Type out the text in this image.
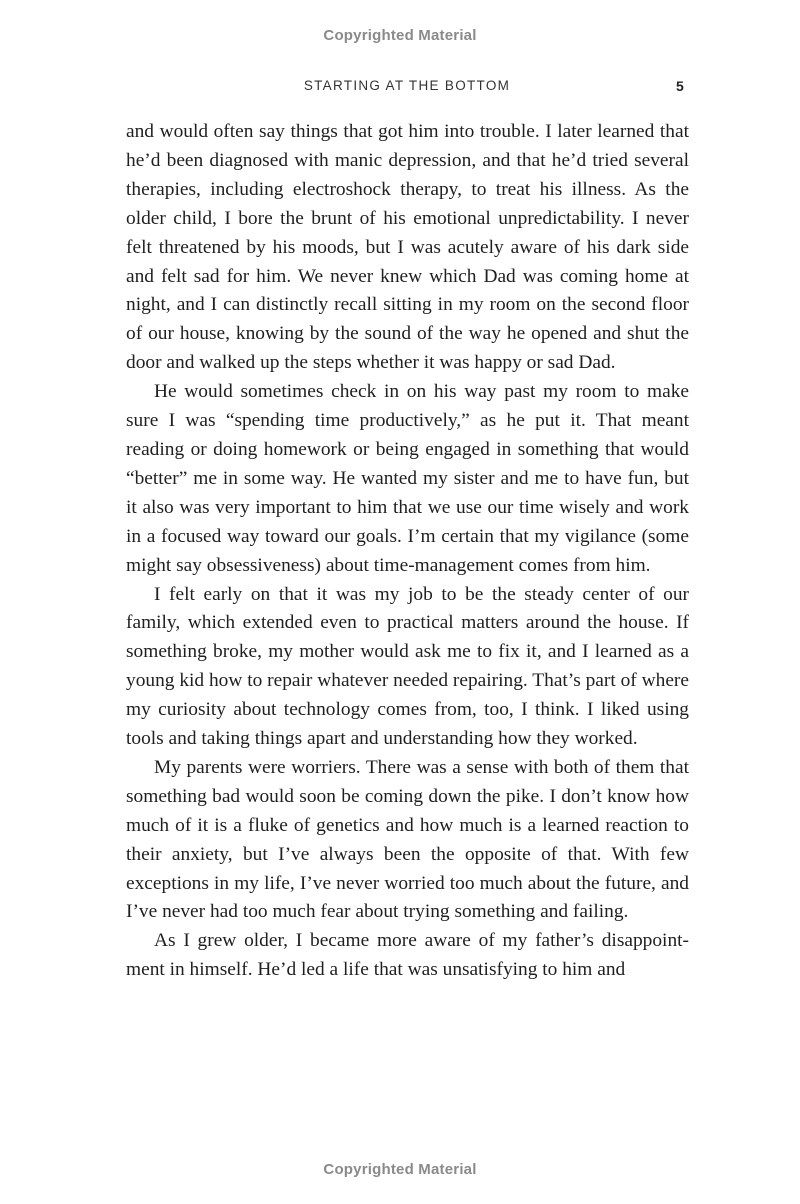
Copyrighted Material
STARTING AT THE BOTTOM	5

and would often say things that got him into trouble. I later learned that he’d been diagnosed with manic depression, and that he’d tried several therapies, including electroshock therapy, to treat his illness. As the older child, I bore the brunt of his emotional unpredictability. I never felt threatened by his moods, but I was acutely aware of his dark side and felt sad for him. We never knew which Dad was coming home at night, and I can distinctly recall sitting in my room on the second floor of our house, knowing by the sound of the way he opened and shut the door and walked up the steps whether it was happy or sad Dad.

He would sometimes check in on his way past my room to make sure I was “spending time productively,” as he put it. That meant reading or doing homework or being engaged in something that would “better” me in some way. He wanted my sister and me to have fun, but it also was very important to him that we use our time wisely and work in a focused way toward our goals. I’m certain that my vigilance (some might say obsessiveness) about time-management comes from him.

I felt early on that it was my job to be the steady center of our family, which extended even to practical matters around the house. If something broke, my mother would ask me to fix it, and I learned as a young kid how to repair whatever needed repairing. That’s part of where my curiosity about technology comes from, too, I think. I liked using tools and taking things apart and understanding how they worked.

My parents were worriers. There was a sense with both of them that something bad would soon be coming down the pike. I don’t know how much of it is a fluke of genetics and how much is a learned reaction to their anxiety, but I’ve always been the opposite of that. With few exceptions in my life, I’ve never worried too much about the future, and I’ve never had too much fear about trying something and failing.

As I grew older, I became more aware of my father’s disappointment in himself. He’d led a life that was unsatisfying to him and

Copyrighted Material
